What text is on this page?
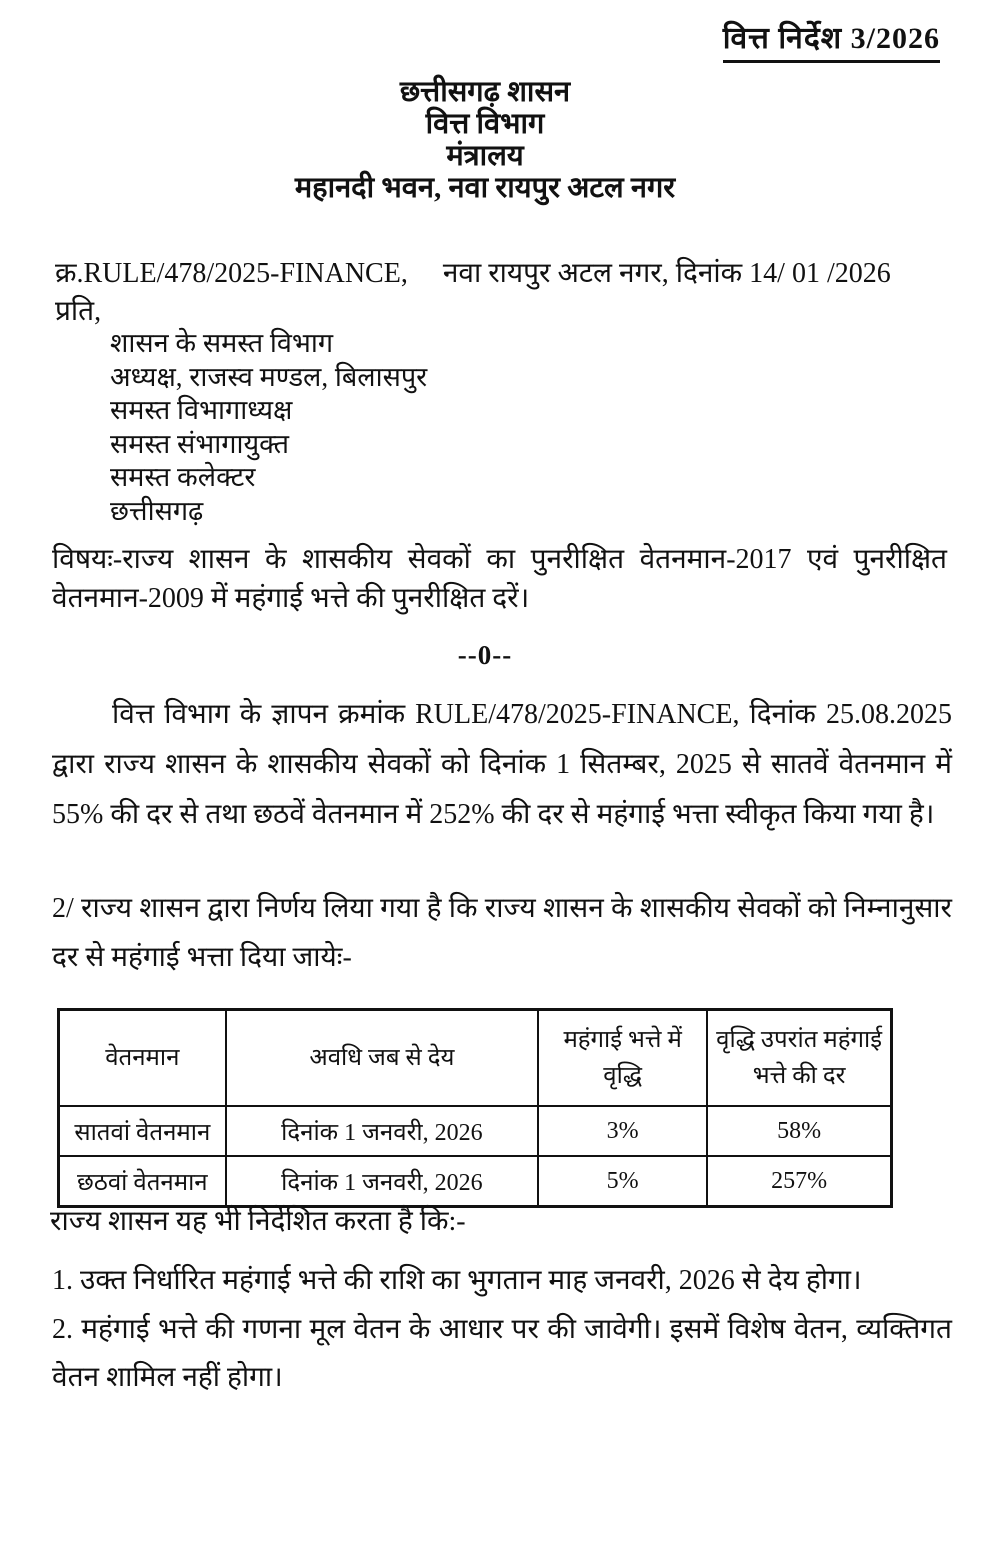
वित्त निर्देश 3/2026
छत्तीसगढ़ शासन
वित्त विभाग
मंत्रालय
महानदी भवन, नवा रायपुर अटल नगर
क्र.RULE/478/2025-FINANCE, नवा रायपुर अटल नगर, दिनांक 14/ 01 /2026
प्रति,
शासन के समस्त विभाग
अध्यक्ष, राजस्व मण्डल, बिलासपुर
समस्त विभागाध्यक्ष
समस्त संभागायुक्त
समस्त कलेक्टर
छत्तीसगढ़
विषयः-राज्य शासन के शासकीय सेवकों का पुनरीक्षित वेतनमान-2017 एवं पुनरीक्षित वेतनमान-2009 में महंगाई भत्ते की पुनरीक्षित दरें।
--0--

वित्त विभाग के ज्ञापन क्रमांक RULE/478/2025-FINANCE, दिनांक 25.08.2025 द्वारा राज्य शासन के शासकीय सेवकों को दिनांक 1 सितम्बर, 2025 से सातवें वेतनमान में 55% की दर से तथा छठवें वेतनमान में 252% की दर से महंगाई भत्ता स्वीकृत किया गया है।

2/ राज्य शासन द्वारा निर्णय लिया गया है कि राज्य शासन के शासकीय सेवकों को निम्नानुसार दर से महंगाई भत्ता दिया जायेः-

वेतनमान	अवधि जब से देय	महंगाई भत्ते में वृद्धि	वृद्धि उपरांत महंगाई भत्ते की दर
सातवां वेतनमान	दिनांक 1 जनवरी, 2026	3%	58%
छठवां वेतनमान	दिनांक 1 जनवरी, 2026	5%	257%
राज्य शासन यह भी निर्देशित करता है कि:-

1. उक्त निर्धारित महंगाई भत्ते की राशि का भुगतान माह जनवरी, 2026 से देय होगा।

2. महंगाई भत्ते की गणना मूल वेतन के आधार पर की जावेगी। इसमें विशेष वेतन, व्यक्तिगत वेतन शामिल नहीं होगा।
